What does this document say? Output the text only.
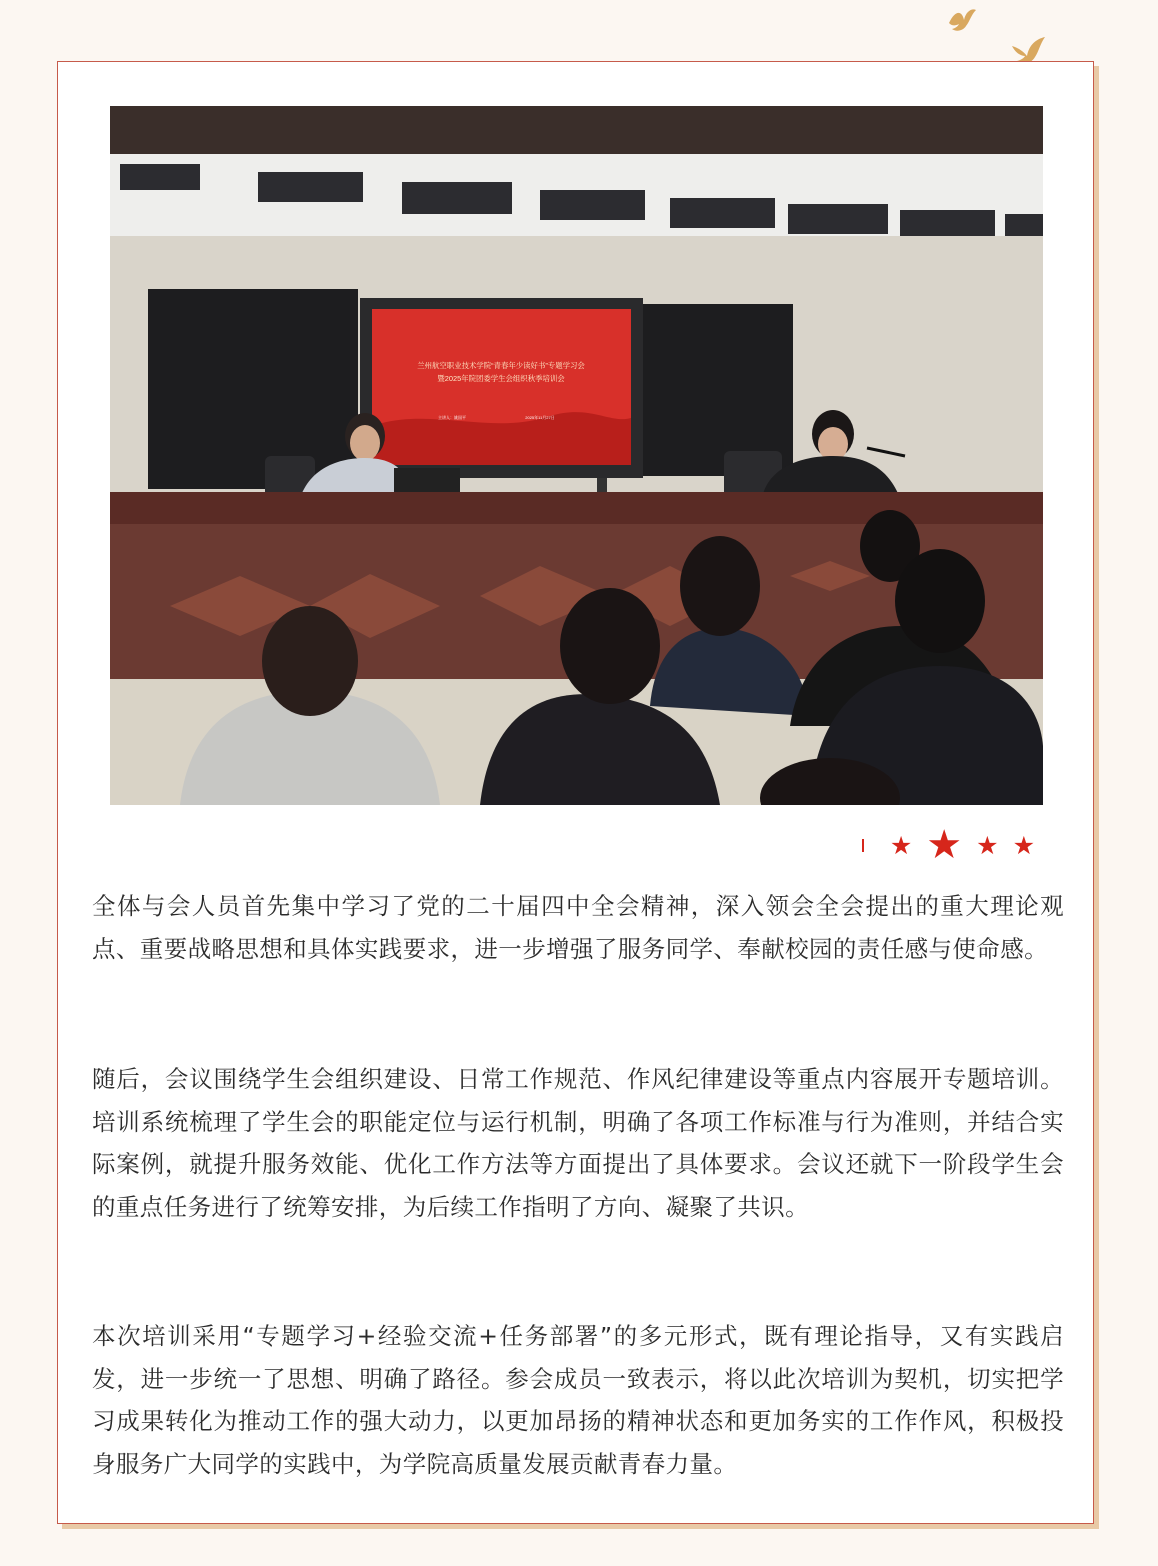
兰州航空职业技术学院“青春年少读好书”专题学习会
暨2025年院团委学生会组织秋季培训会
主讲人：姚国平	2025年11月27日
★ ★ ★ ★

全体与会人员首先集中学习了党的二十届四中全会精神，深入领会全会提出的重大理论观点、重要战略思想和具体实践要求，进一步增强了服务同学、奉献校园的责任感与使命感。

随后，会议围绕学生会组织建设、日常工作规范、作风纪律建设等重点内容展开专题培训。培训系统梳理了学生会的职能定位与运行机制，明确了各项工作标准与行为准则，并结合实际案例，就提升服务效能、优化工作方法等方面提出了具体要求。会议还就下一阶段学生会的重点任务进行了统筹安排，为后续工作指明了方向、凝聚了共识。

本次培训采用“专题学习+经验交流+任务部署”的多元形式，既有理论指导，又有实践启发，进一步统一了思想、明确了路径。参会成员一致表示，将以此次培训为契机，切实把学习成果转化为推动工作的强大动力，以更加昂扬的精神状态和更加务实的工作作风，积极投身服务广大同学的实践中，为学院高质量发展贡献青春力量。
